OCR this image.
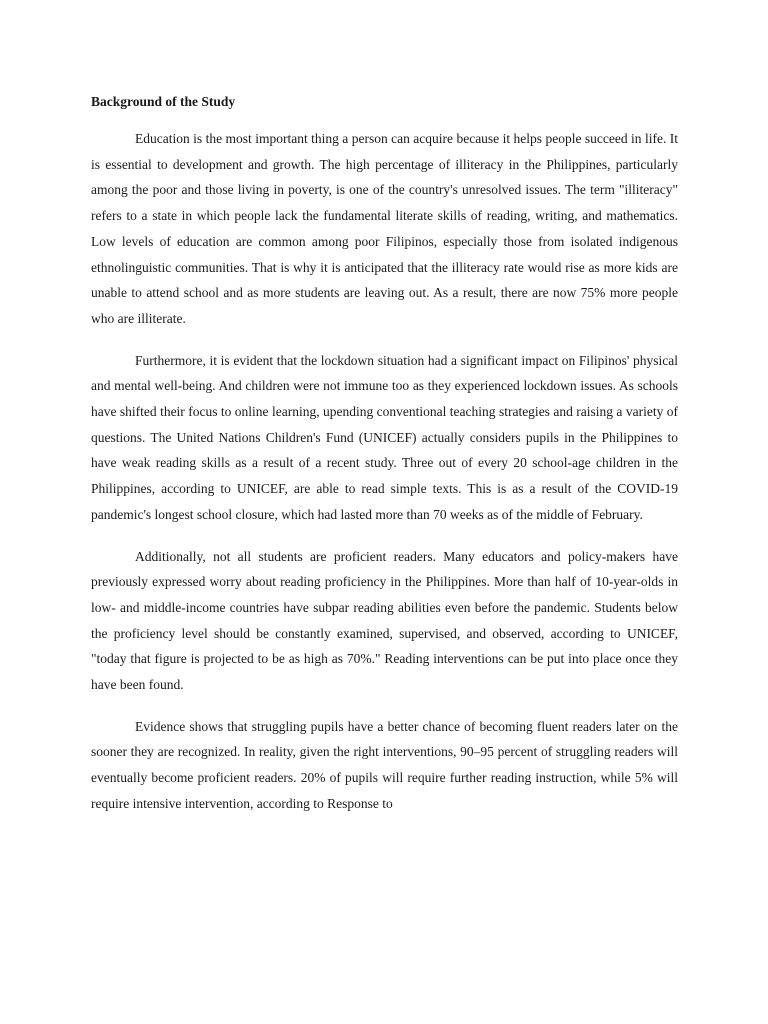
Background of the Study

Education is the most important thing a person can acquire because it helps people succeed in life. It is essential to development and growth. The high percentage of illiteracy in the Philippines, particularly among the poor and those living in poverty, is one of the country's unresolved issues. The term "illiteracy" refers to a state in which people lack the fundamental literate skills of reading, writing, and mathematics. Low levels of education are common among poor Filipinos, especially those from isolated indigenous ethnolinguistic communities. That is why it is anticipated that the illiteracy rate would rise as more kids are unable to attend school and as more students are leaving out. As a result, there are now 75% more people who are illiterate.

Furthermore, it is evident that the lockdown situation had a significant impact on Filipinos' physical and mental well-being. And children were not immune too as they experienced lockdown issues. As schools have shifted their focus to online learning, upending conventional teaching strategies and raising a variety of questions. The United Nations Children's Fund (UNICEF) actually considers pupils in the Philippines to have weak reading skills as a result of a recent study. Three out of every 20 school-age children in the Philippines, according to UNICEF, are able to read simple texts. This is as a result of the COVID-19 pandemic's longest school closure, which had lasted more than 70 weeks as of the middle of February.

Additionally, not all students are proficient readers. Many educators and policy-makers have previously expressed worry about reading proficiency in the Philippines. More than half of 10-year-olds in low- and middle-income countries have subpar reading abilities even before the pandemic. Students below the proficiency level should be constantly examined, supervised, and observed, according to UNICEF, "today that figure is projected to be as high as 70%." Reading interventions can be put into place once they have been found.

Evidence shows that struggling pupils have a better chance of becoming fluent readers later on the sooner they are recognized. In reality, given the right interventions, 90–95 percent of struggling readers will eventually become proficient readers. 20% of pupils will require further reading instruction, while 5% will require intensive intervention, according to Response to
